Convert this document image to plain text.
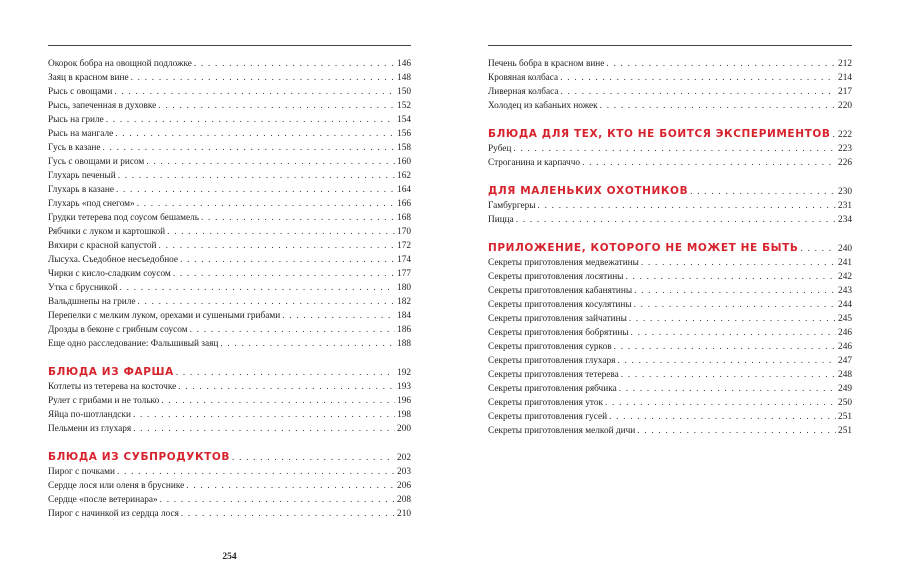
Окорок бобра на овощной подложке . . .	146
Заяц в красном вине . . .	148
Рысь с овощами . . .	150
Рысь, запеченная в духовке . . .	152
Рысь на гриле . . .	154
Рысь на мангале . . .	156
Гусь в казане . . .	158
Гусь с овощами и рисом . . .	160
Глухарь печеный . . .	162
Глухарь в казане . . .	164
Глухарь «под снегом» . . .	166
Грудки тетерева под соусом бешамель . . .	168
Рябчики с луком и картошкой . . .	170
Вяхири с красной капустой . . .	172
Лысуха. Съедобное несъедобное . . .	174
Чирки с кисло-сладким соусом . . .	177
Утка с брусникой . . .	180
Вальдшнепы на гриле . . .	182
Перепелки с мелким луком, орехами и сушеными грибами . . .	184
Дрозды в беконе с грибным соусом . . .	186
Еще одно расследование: Фальшивый заяц . . .	188
БЛЮДА ИЗ ФАРША . . .	192
Котлеты из тетерева на косточке . . .	193
Рулет с грибами и не только . . .	196
Яйца по-шотландски . . .	198
Пельмени из глухаря . . .	200
БЛЮДА ИЗ СУБПРОДУКТОВ . . .	202
Пирог с почками . . .	203
Сердце лося или оленя в бруснике . . .	206
Сердце «после ветеринара» . . .	208
Пирог с начинкой из сердца лося . . .	210
254
Печень бобра в красном вине . . .	212
Кровяная колбаса . . .	214
Ливерная колбаса . . .	217
Холодец из кабаньих ножек . . .	220
БЛЮДА ДЛЯ ТЕХ, КТО НЕ БОИТСЯ ЭКСПЕРИМЕНТОВ . . . 222
Рубец . . .	223
Строганина и карпаччо . . .	226
ДЛЯ МАЛЕНЬКИХ ОХОТНИКОВ . . .	230
Гамбургеры . . .	231
Пицца . . .	234
ПРИЛОЖЕНИЕ, КОТОРОГО НЕ МОЖЕТ НЕ БЫТЬ . . .	240
Секреты приготовления медвежатины . . .	241
Секреты приготовления лосятины . . .	242
Секреты приготовления кабанятины . . .	243
Секреты приготовления косулятины . . .	244
Секреты приготовления зайчатины . . .	245
Секреты приготовления бобрятины . . .	246
Секреты приготовления сурков . . .	246
Секреты приготовления глухаря . . .	247
Секреты приготовления тетерева . . .	248
Секреты приготовления рябчика . . .	249
Секреты приготовления уток . . .	250
Секреты приготовления гусей . . .	251
Секреты приготовления мелкой дичи . . .	251
